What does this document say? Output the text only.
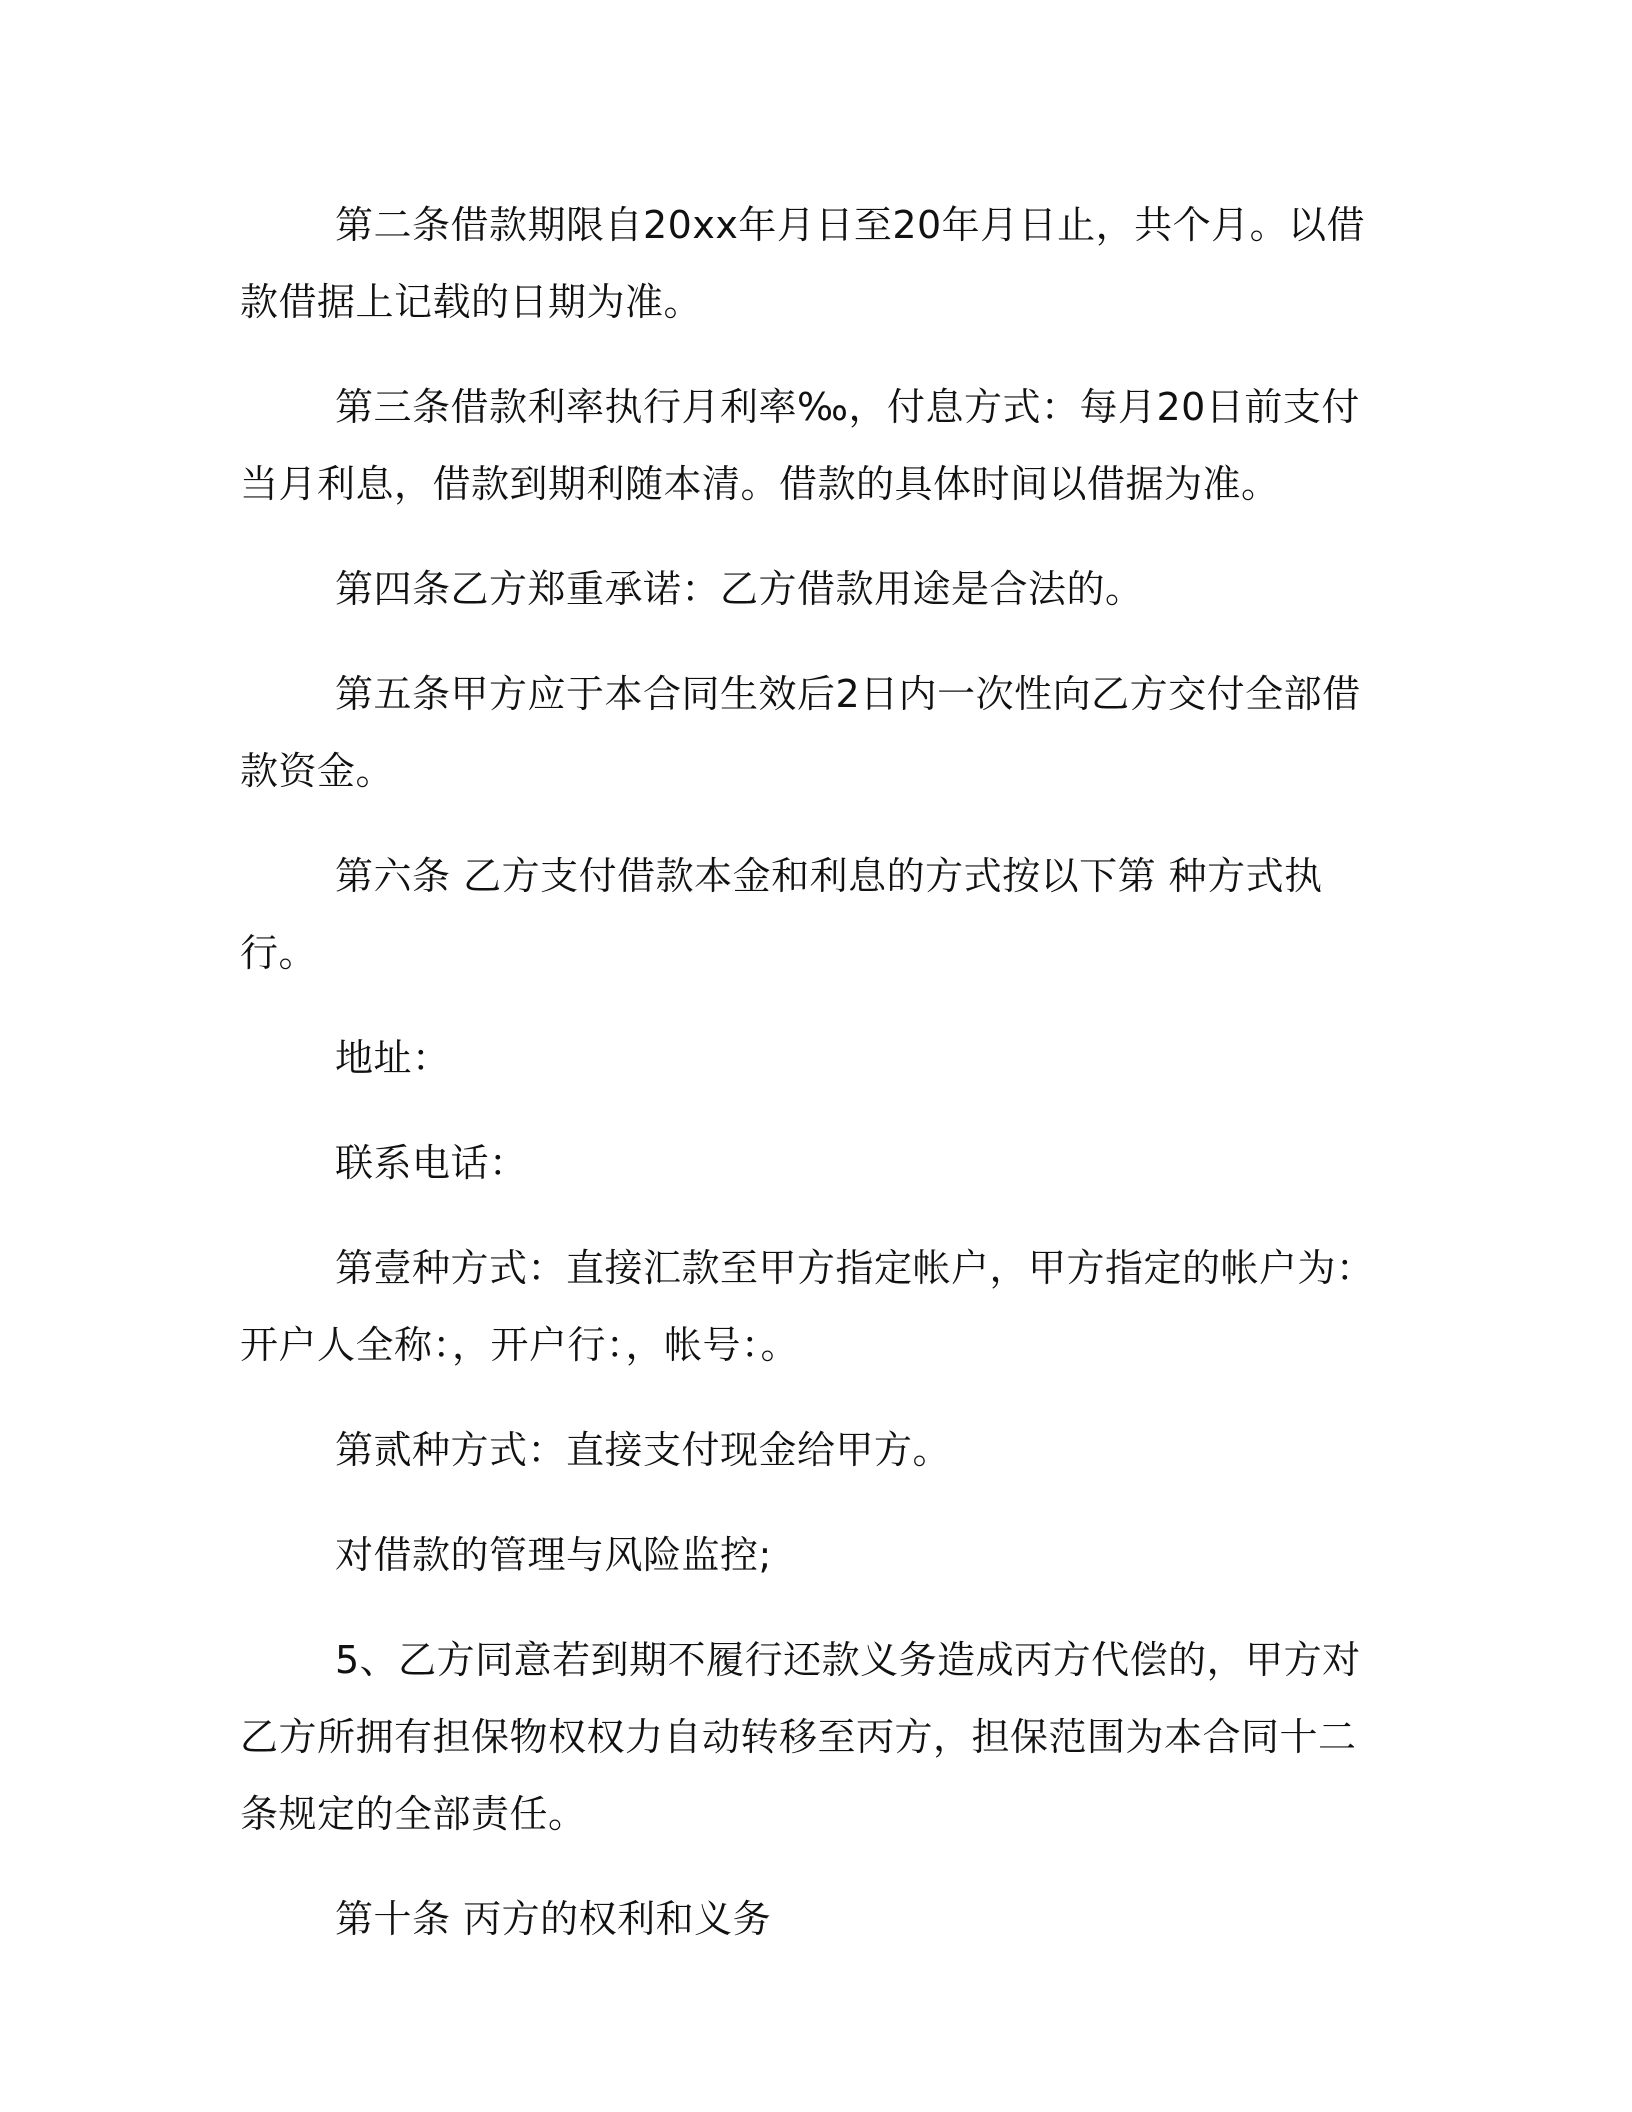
第二条借款期限自20xx年月日至20年月日止，共个月。以借款借据上记载的日期为准。

第三条借款利率执行月利率‰，付息方式：每月20日前支付当月利息，借款到期利随本清。借款的具体时间以借据为准。

第四条乙方郑重承诺：乙方借款用途是合法的。

第五条甲方应于本合同生效后2日内一次性向乙方交付全部借款资金。

第六条 乙方支付借款本金和利息的方式按以下第 种方式执行。

地址：

联系电话：

第壹种方式：直接汇款至甲方指定帐户，甲方指定的帐户为：开户人全称：，开户行：，帐号：。

第贰种方式：直接支付现金给甲方。

对借款的管理与风险监控;

5、乙方同意若到期不履行还款义务造成丙方代偿的，甲方对乙方所拥有担保物权权力自动转移至丙方，担保范围为本合同十二条规定的全部责任。

第十条 丙方的权利和义务
